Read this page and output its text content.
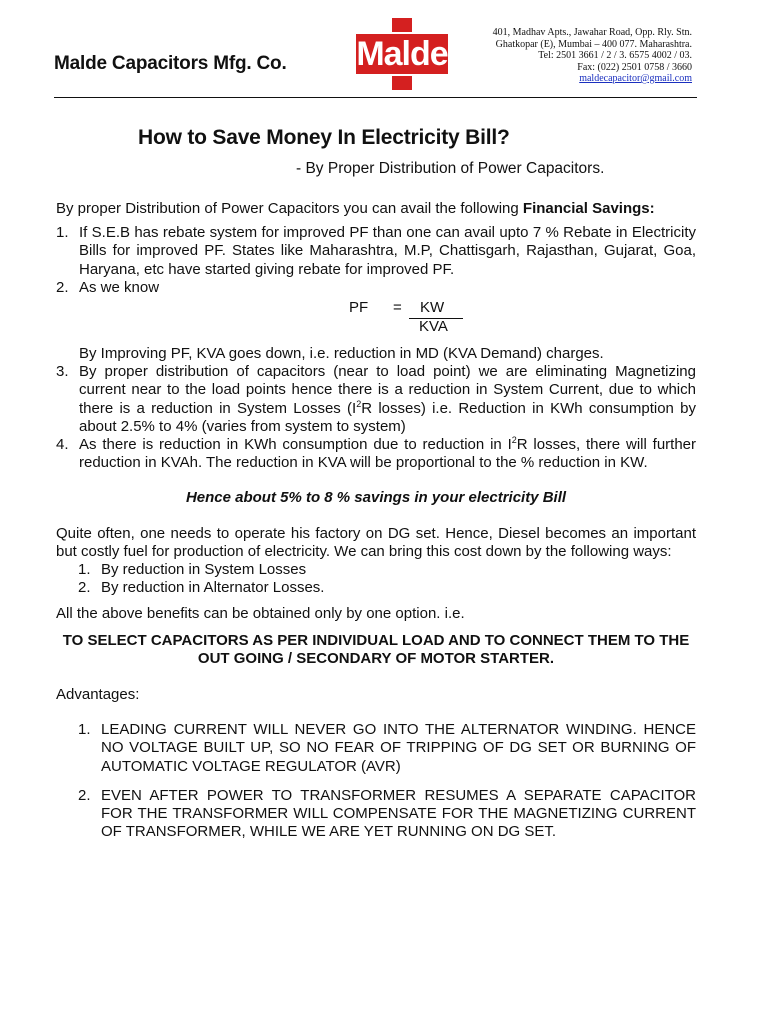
Malde Capacitors Mfg. Co. Malde
401, Madhav Apts., Jawahar Road, Opp. Rly. Stn.
Ghatkopar (E), Mumbai – 400 077. Maharashtra.
Tel: 2501 3661 / 2 / 3. 6575 4002 / 03.
Fax: (022) 2501 0758 / 3660
maldecapacitor@gmail.com
How to Save Money In Electricity Bill?
- By Proper Distribution of Power Capacitors.

By proper Distribution of Power Capacitors you can avail the following Financial Savings:

1. If S.E.B has rebate system for improved PF than one can avail upto 7 % Rebate in Electricity Bills for improved PF. States like Maharashtra, M.P, Chattisgarh, Rajasthan, Gujarat, Goa, Haryana, etc have started giving rebate for improved PF.
2. As we know
PF = KW
KVA
By Improving PF, KVA goes down, i.e. reduction in MD (KVA Demand) charges.
3. By proper distribution of capacitors (near to load point) we are eliminating Magnetizing current near to the load points hence there is a reduction in System Current, due to which there is a reduction in System Losses ($I^2R$ losses) i.e. Reduction in KWh consumption by about 2.5% to 4% (varies from system to system)
4. As there is reduction in KWh consumption due to reduction in $I^2R$ losses, there will further reduction in KVAh. The reduction in KVA will be proportional to the % reduction in KW.

Hence about 5% to 8 % savings in your electricity Bill

Quite often, one needs to operate his factory on DG set. Hence, Diesel becomes an important but costly fuel for production of electricity. We can bring this cost down by the following ways:

1. By reduction in System Losses
2. By reduction in Alternator Losses.

All the above benefits can be obtained only by one option. i.e.

TO SELECT CAPACITORS AS PER INDIVIDUAL LOAD AND TO CONNECT THEM TO THE OUT GOING / SECONDARY OF MOTOR STARTER.

Advantages:

1. LEADING CURRENT WILL NEVER GO INTO THE ALTERNATOR WINDING. HENCE NO VOLTAGE BUILT UP, SO NO FEAR OF TRIPPING OF DG SET OR BURNING OF AUTOMATIC VOLTAGE REGULATOR (AVR)
2. EVEN AFTER POWER TO TRANSFORMER RESUMES A SEPARATE CAPACITOR FOR THE TRANSFORMER WILL COMPENSATE FOR THE MAGNETIZING CURRENT OF TRANSFORMER, WHILE WE ARE YET RUNNING ON DG SET.
